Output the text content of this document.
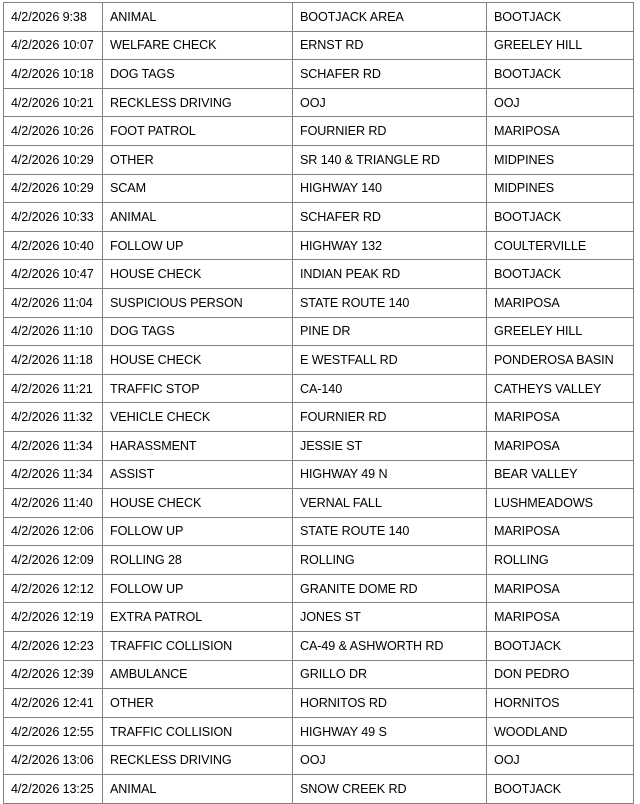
4/2/2026 9:38	ANIMAL	BOOTJACK AREA	BOOTJACK
4/2/2026 10:07	WELFARE CHECK	ERNST RD	GREELEY HILL
4/2/2026 10:18	DOG TAGS	SCHAFER RD	BOOTJACK
4/2/2026 10:21	RECKLESS DRIVING	OOJ	OOJ
4/2/2026 10:26	FOOT PATROL	FOURNIER RD	MARIPOSA
4/2/2026 10:29	OTHER	SR 140 & TRIANGLE RD	MIDPINES
4/2/2026 10:29	SCAM	HIGHWAY 140	MIDPINES
4/2/2026 10:33	ANIMAL	SCHAFER RD	BOOTJACK
4/2/2026 10:40	FOLLOW UP	HIGHWAY 132	COULTERVILLE
4/2/2026 10:47	HOUSE CHECK	INDIAN PEAK RD	BOOTJACK
4/2/2026 11:04	SUSPICIOUS PERSON	STATE ROUTE 140	MARIPOSA
4/2/2026 11:10	DOG TAGS	PINE DR	GREELEY HILL
4/2/2026 11:18	HOUSE CHECK	E WESTFALL RD	PONDEROSA BASIN
4/2/2026 11:21	TRAFFIC STOP	CA-140	CATHEYS VALLEY
4/2/2026 11:32	VEHICLE CHECK	FOURNIER RD	MARIPOSA
4/2/2026 11:34	HARASSMENT	JESSIE ST	MARIPOSA
4/2/2026 11:34	ASSIST	HIGHWAY 49 N	BEAR VALLEY
4/2/2026 11:40	HOUSE CHECK	VERNAL FALL	LUSHMEADOWS
4/2/2026 12:06	FOLLOW UP	STATE ROUTE 140	MARIPOSA
4/2/2026 12:09	ROLLING 28	ROLLING	ROLLING
4/2/2026 12:12	FOLLOW UP	GRANITE DOME RD	MARIPOSA
4/2/2026 12:19	EXTRA PATROL	JONES ST	MARIPOSA
4/2/2026 12:23	TRAFFIC COLLISION	CA-49 & ASHWORTH RD	BOOTJACK
4/2/2026 12:39	AMBULANCE	GRILLO DR	DON PEDRO
4/2/2026 12:41	OTHER	HORNITOS RD	HORNITOS
4/2/2026 12:55	TRAFFIC COLLISION	HIGHWAY 49 S	WOODLAND
4/2/2026 13:06	RECKLESS DRIVING	OOJ	OOJ
4/2/2026 13:25	ANIMAL	SNOW CREEK RD	BOOTJACK
